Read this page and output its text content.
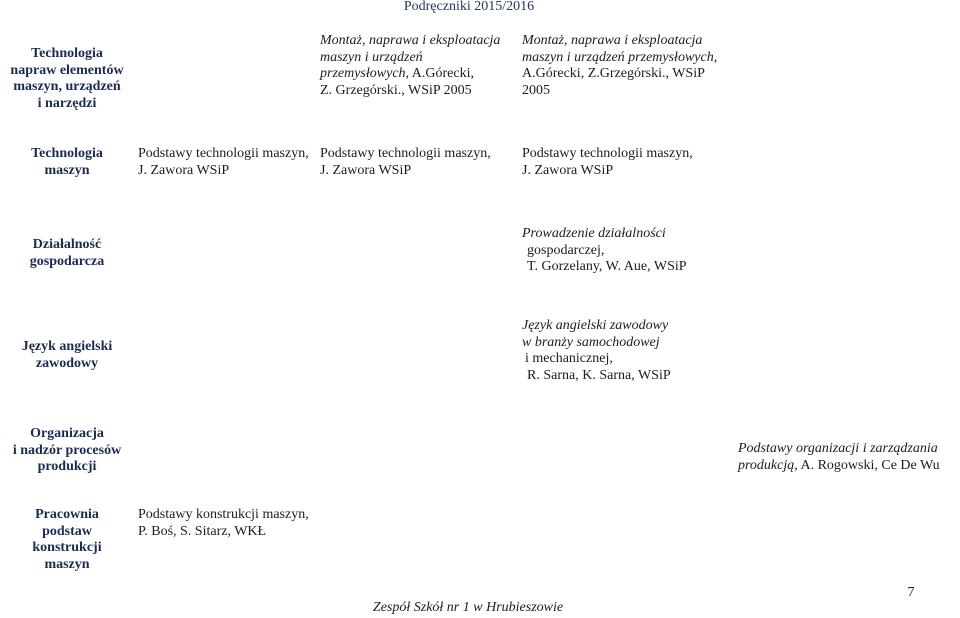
Podręczniki 2015/2016
Technologia
napraw elementów
maszyn, urządzeń
i narzędzi
Montaż, naprawa i eksploatacja
maszyn i urządzeń
przemysłowych, A.Górecki,
Z. Grzegórski., WSiP 2005
Montaż, naprawa i eksploatacja
maszyn i urządzeń przemysłowych,
A.Górecki, Z.Grzegórski., WSiP
2005
Technologia
maszyn
Podstawy technologii maszyn,
J. Zawora WSiP
Podstawy technologii maszyn,
J. Zawora WSiP
Podstawy technologii maszyn,
J. Zawora WSiP
Działalność
gospodarcza
Prowadzenie działalności
gospodarczej,
T. Gorzelany, W. Aue, WSiP
Język angielski
zawodowy
Język angielski zawodowy
w branży samochodowej
i mechanicznej,
R. Sarna, K. Sarna, WSiP
Organizacja
i nadzór procesów
produkcji
Podstawy organizacji i zarządzania
produkcją, A. Rogowski, Ce De Wu
Pracownia
podstaw
konstrukcji
maszyn
Podstawy konstrukcji maszyn,
P. Boś, S. Sitarz, WKŁ
7
Zespół Szkół nr 1 w Hrubieszowie
